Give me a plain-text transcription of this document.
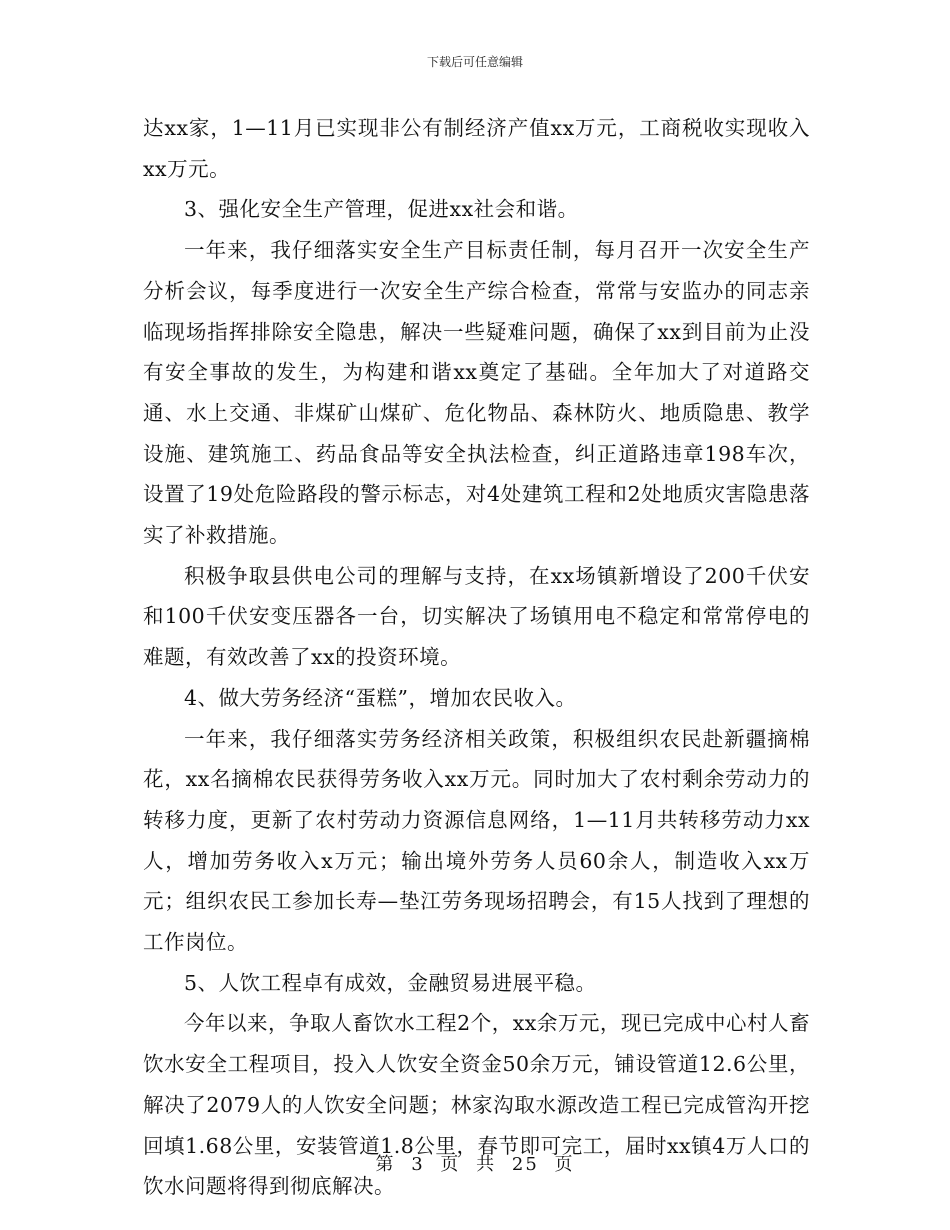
下载后可任意编辑

达xx家，1—11月已实现非公有制经济产值xx万元，工商税收实现收入 xx万元。

3、强化安全生产管理，促进xx社会和谐。

一年来，我仔细落实安全生产目标责任制，每月召开一次安全生产分析会议，每季度进行一次安全生产综合检查，常常与安监办的同志亲临现场指挥排除安全隐患，解决一些疑难问题，确保了xx到目前为止没有安全事故的发生，为构建和谐xx奠定了基础。全年加大了对道路交通、水上交通、非煤矿山煤矿、危化物品、森林防火、地质隐患、教学设施、建筑施工、药品食品等安全执法检查，纠正道路违章198车次，设置了19处危险路段的警示标志，对4处建筑工程和2处地质灾害隐患落实了补救措施。

积极争取县供电公司的理解与支持，在xx场镇新增设了200千伏安和100千伏安变压器各一台，切实解决了场镇用电不稳定和常常停电的难题，有效改善了xx的投资环境。

4、做大劳务经济“蛋糕”，增加农民收入。

一年来，我仔细落实劳务经济相关政策，积极组织农民赴新疆摘棉花，xx名摘棉农民获得劳务收入xx万元。同时加大了农村剩余劳动力的转移力度，更新了农村劳动力资源信息网络，1—11月共转移劳动力xx人，增加劳务收入x万元；输出境外劳务人员60余人，制造收入xx万元；组织农民工参加长寿—垫江劳务现场招聘会，有15人找到了理想的工作岗位。

5、人饮工程卓有成效，金融贸易进展平稳。

今年以来，争取人畜饮水工程2个，xx余万元，现已完成中心村人畜饮水安全工程项目，投入人饮安全资金50余万元，铺设管道12.6公里，解决了2079人的人饮安全问题；林家沟取水源改造工程已完成管沟开挖回填1.68公里，安装管道1.8公里，春节即可完工，届时xx镇4万人口的饮水问题将得到彻底解决。

第 3 页 共 25 页
